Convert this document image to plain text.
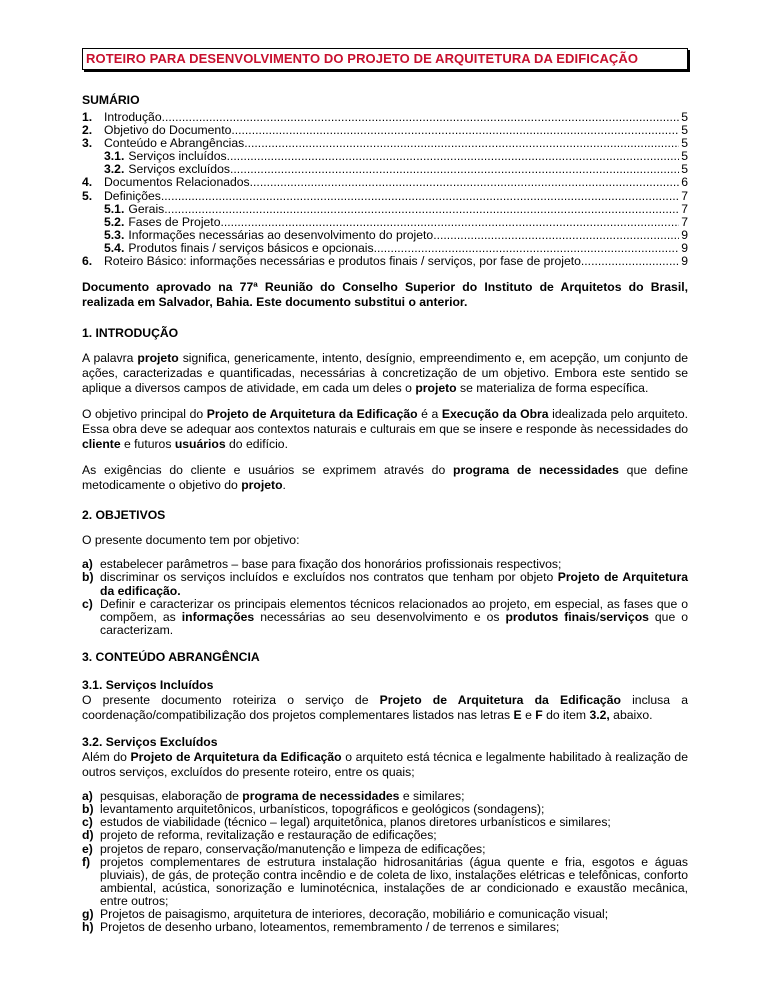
ROTEIRO PARA DESENVOLVIMENTO DO PROJETO DE ARQUITETURA DA EDIFICAÇÃO
SUMÁRIO
1. Introdução .....	5
2. Objetivo do Documento .....	5
3. Conteúdo e Abrangências .....	5
3.1. Serviços incluídos .....	5
3.2. Serviços excluídos .....	5
4. Documentos Relacionados .....	6
5. Definições .....	7
5.1. Gerais .....	7
5.2. Fases de Projeto .....	7
5.3. Informações necessárias ao desenvolvimento do projeto .....	9
5.4. Produtos finais / serviços básicos e opcionais .....	9
6. Roteiro Básico: informações necessárias e produtos finais / serviços, por fase de projeto .....	9

Documento aprovado na 77ª Reunião do Conselho Superior do Instituto de Arquitetos do Brasil, realizada em Salvador, Bahia. Este documento substitui o anterior.

1. INTRODUÇÃO

A palavra projeto significa, genericamente, intento, desígnio, empreendimento e, em acepção, um conjunto de ações, caracterizadas e quantificadas, necessárias à concretização de um objetivo. Embora este sentido se aplique a diversos campos de atividade, em cada um deles o projeto se materializa de forma específica.

O objetivo principal do Projeto de Arquitetura da Edificação é a Execução da Obra idealizada pelo arquiteto. Essa obra deve se adequar aos contextos naturais e culturais em que se insere e responde às necessidades do cliente e futuros usuários do edifício.

As exigências do cliente e usuários se exprimem através do programa de necessidades que define metodicamente o objetivo do projeto.

2. OBJETIVOS

O presente documento tem por objetivo:

a) estabelecer parâmetros – base para fixação dos honorários profissionais respectivos;
b) discriminar os serviços incluídos e excluídos nos contratos que tenham por objeto Projeto de Arquitetura da edificação.
c) Definir e caracterizar os principais elementos técnicos relacionados ao projeto, em especial, as fases que o compõem, as informações necessárias ao seu desenvolvimento e os produtos finais/serviços que o caracterizam.
3. CONTEÚDO ABRANGÊNCIA
3.1. Serviços Incluídos

O presente documento roteiriza o serviço de Projeto de Arquitetura da Edificação inclusa a coordenação/compatibilização dos projetos complementares listados nas letras E e F do item 3.2, abaixo.

3.2. Serviços Excluídos

Além do Projeto de Arquitetura da Edificação o arquiteto está técnica e legalmente habilitado à realização de outros serviços, excluídos do presente roteiro, entre os quais;

a) pesquisas, elaboração de programa de necessidades e similares;
b) levantamento arquitetônicos, urbanísticos, topográficos e geológicos (sondagens);
c) estudos de viabilidade (técnico – legal) arquitetônica, planos diretores urbanísticos e similares;
d) projeto de reforma, revitalização e restauração de edificações;
e) projetos de reparo, conservação/manutenção e limpeza de edificações;
f) projetos complementares de estrutura instalação hidrosanitárias (água quente e fria, esgotos e águas pluviais), de gás, de proteção contra incêndio e de coleta de lixo, instalações elétricas e telefônicas, conforto ambiental, acústica, sonorização e luminotécnica, instalações de ar condicionado e exaustão mecânica, entre outros;
g) Projetos de paisagismo, arquitetura de interiores, decoração, mobiliário e comunicação visual;
h) Projetos de desenho urbano, loteamentos, remembramento / de terrenos e similares;
